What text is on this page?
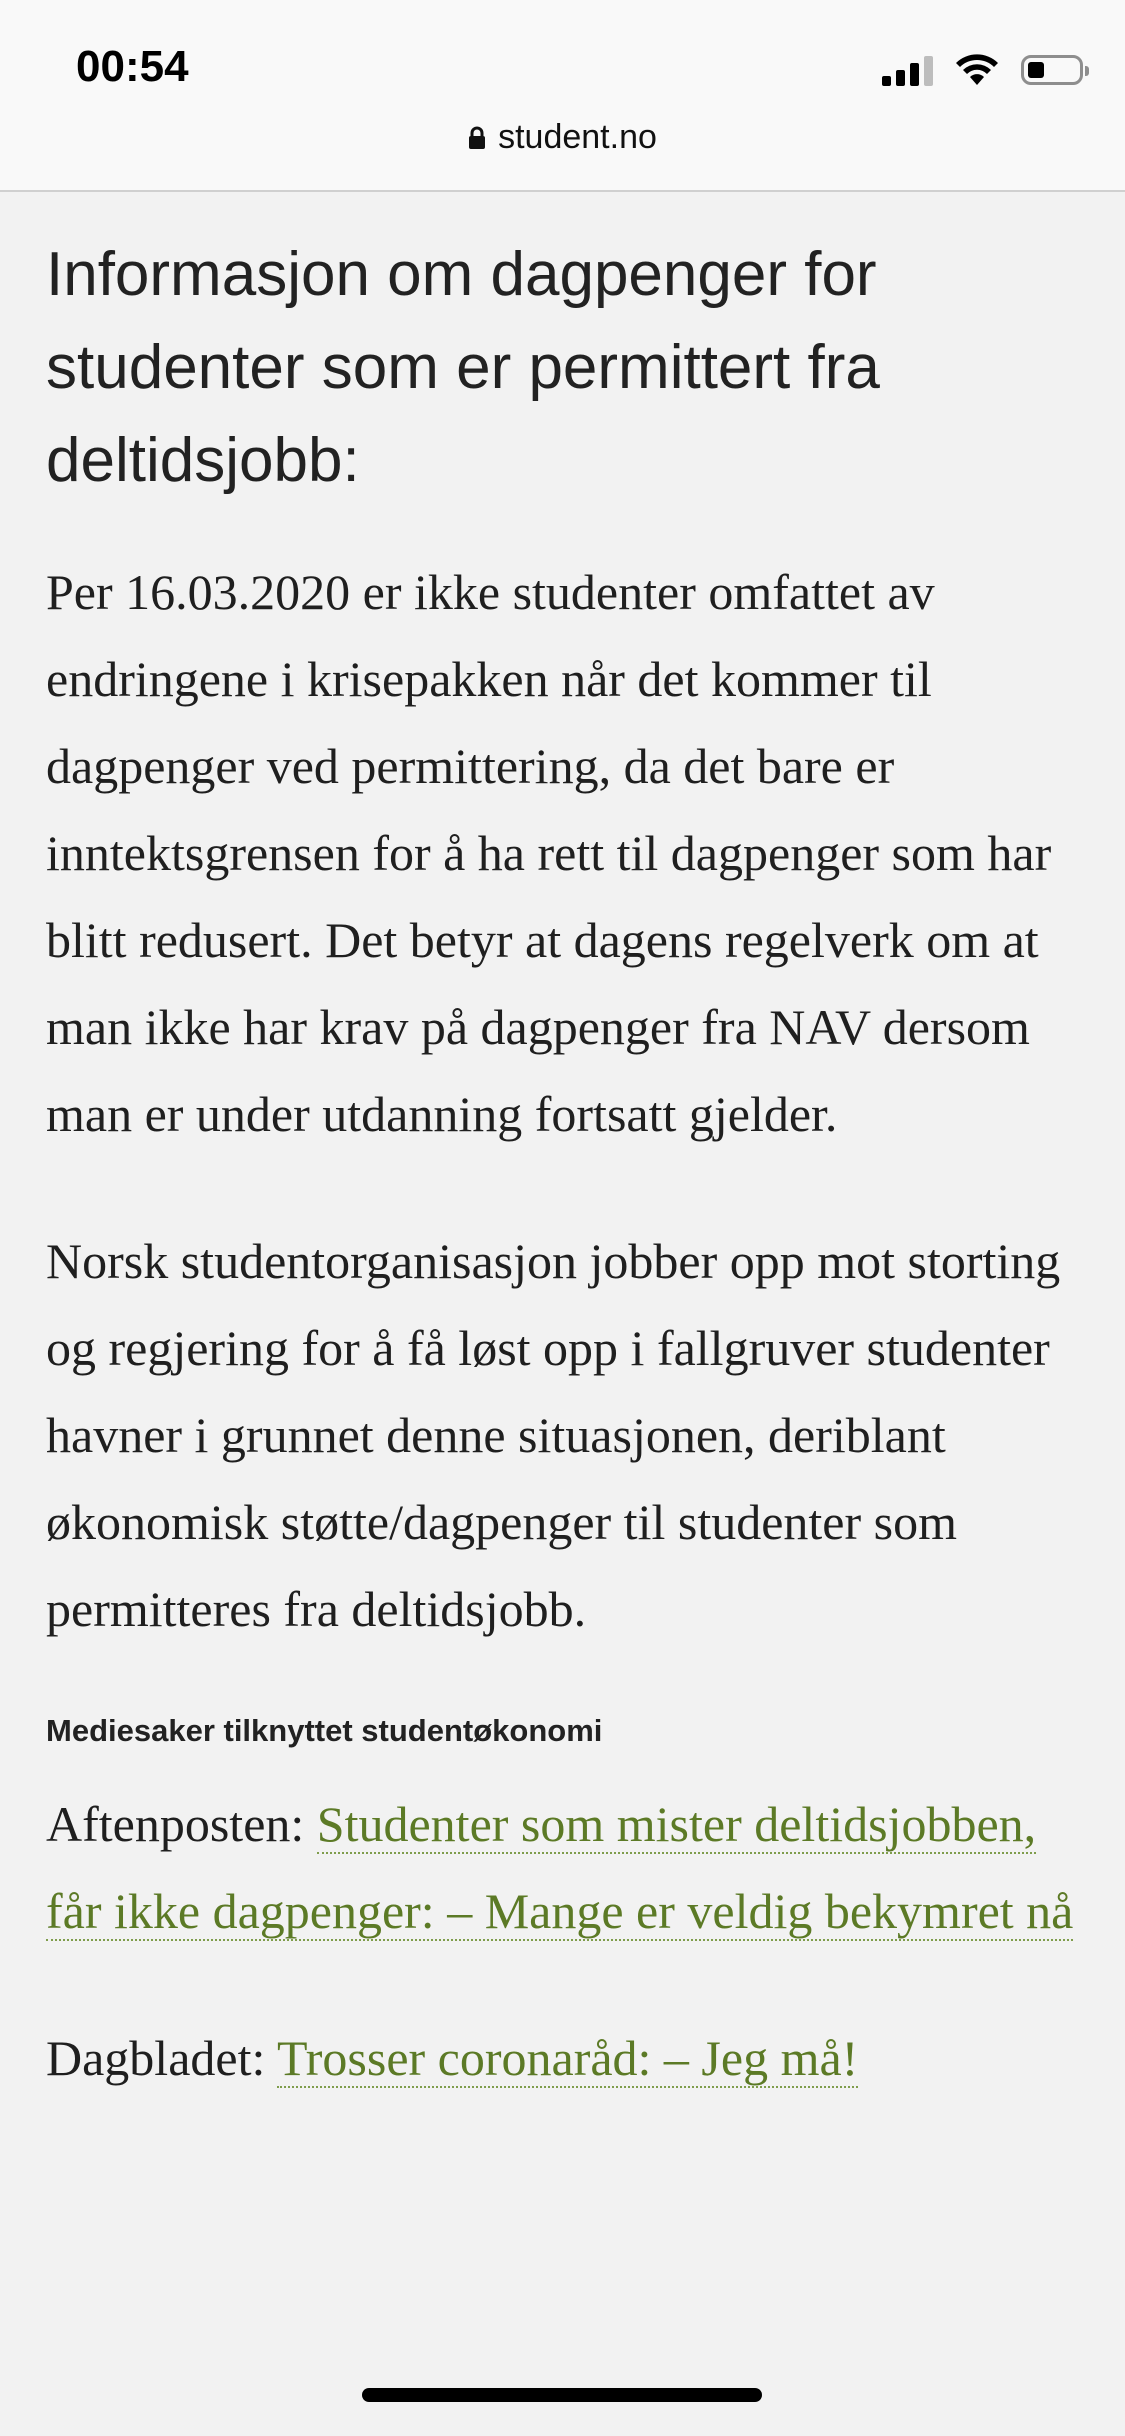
00:54
student.no
Informasjon om dagpenger for studenter som er permittert fra deltidsjobb:

Per 16.03.2020 er ikke studenter omfattet av endringene i krisepakken når det kommer til dagpenger ved permittering, da det bare er inntektsgrensen for å ha rett til dagpenger som har blitt redusert. Det betyr at dagens regelverk om at man ikke har krav på dagpenger fra NAV dersom man er under utdanning fortsatt gjelder.

Norsk studentorganisasjon jobber opp mot storting og regjering for å få løst opp i fallgruver studenter havner i grunnet denne situasjonen, deriblant økonomisk støtte/dagpenger til studenter som permitteres fra deltidsjobb.

Mediesaker tilknyttet studentøkonomi

Aftenposten: Studenter som mister deltidsjobben, får ikke dagpenger: – Mange er veldig bekymret nå

Dagbladet: Trosser coronaråd: – Jeg må!
